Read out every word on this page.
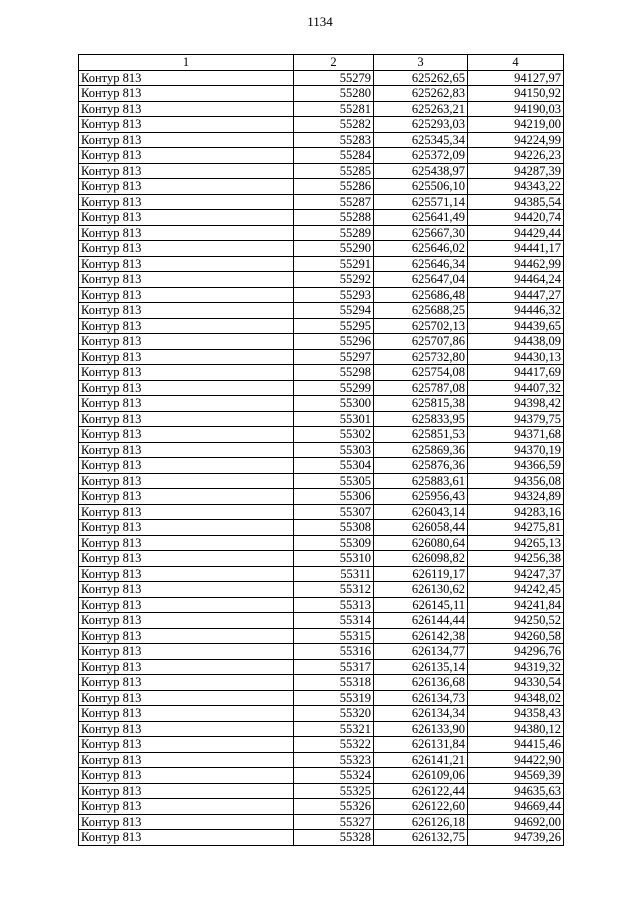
1134
1	2	3	4
Контур 813	55279	625262,65	94127,97
Контур 813	55280	625262,83	94150,92
Контур 813	55281	625263,21	94190,03
Контур 813	55282	625293,03	94219,00
Контур 813	55283	625345,34	94224,99
Контур 813	55284	625372,09	94226,23
Контур 813	55285	625438,97	94287,39
Контур 813	55286	625506,10	94343,22
Контур 813	55287	625571,14	94385,54
Контур 813	55288	625641,49	94420,74
Контур 813	55289	625667,30	94429,44
Контур 813	55290	625646,02	94441,17
Контур 813	55291	625646,34	94462,99
Контур 813	55292	625647,04	94464,24
Контур 813	55293	625686,48	94447,27
Контур 813	55294	625688,25	94446,32
Контур 813	55295	625702,13	94439,65
Контур 813	55296	625707,86	94438,09
Контур 813	55297	625732,80	94430,13
Контур 813	55298	625754,08	94417,69
Контур 813	55299	625787,08	94407,32
Контур 813	55300	625815,38	94398,42
Контур 813	55301	625833,95	94379,75
Контур 813	55302	625851,53	94371,68
Контур 813	55303	625869,36	94370,19
Контур 813	55304	625876,36	94366,59
Контур 813	55305	625883,61	94356,08
Контур 813	55306	625956,43	94324,89
Контур 813	55307	626043,14	94283,16
Контур 813	55308	626058,44	94275,81
Контур 813	55309	626080,64	94265,13
Контур 813	55310	626098,82	94256,38
Контур 813	55311	626119,17	94247,37
Контур 813	55312	626130,62	94242,45
Контур 813	55313	626145,11	94241,84
Контур 813	55314	626144,44	94250,52
Контур 813	55315	626142,38	94260,58
Контур 813	55316	626134,77	94296,76
Контур 813	55317	626135,14	94319,32
Контур 813	55318	626136,68	94330,54
Контур 813	55319	626134,73	94348,02
Контур 813	55320	626134,34	94358,43
Контур 813	55321	626133,90	94380,12
Контур 813	55322	626131,84	94415,46
Контур 813	55323	626141,21	94422,90
Контур 813	55324	626109,06	94569,39
Контур 813	55325	626122,44	94635,63
Контур 813	55326	626122,60	94669,44
Контур 813	55327	626126,18	94692,00
Контур 813	55328	626132,75	94739,26
